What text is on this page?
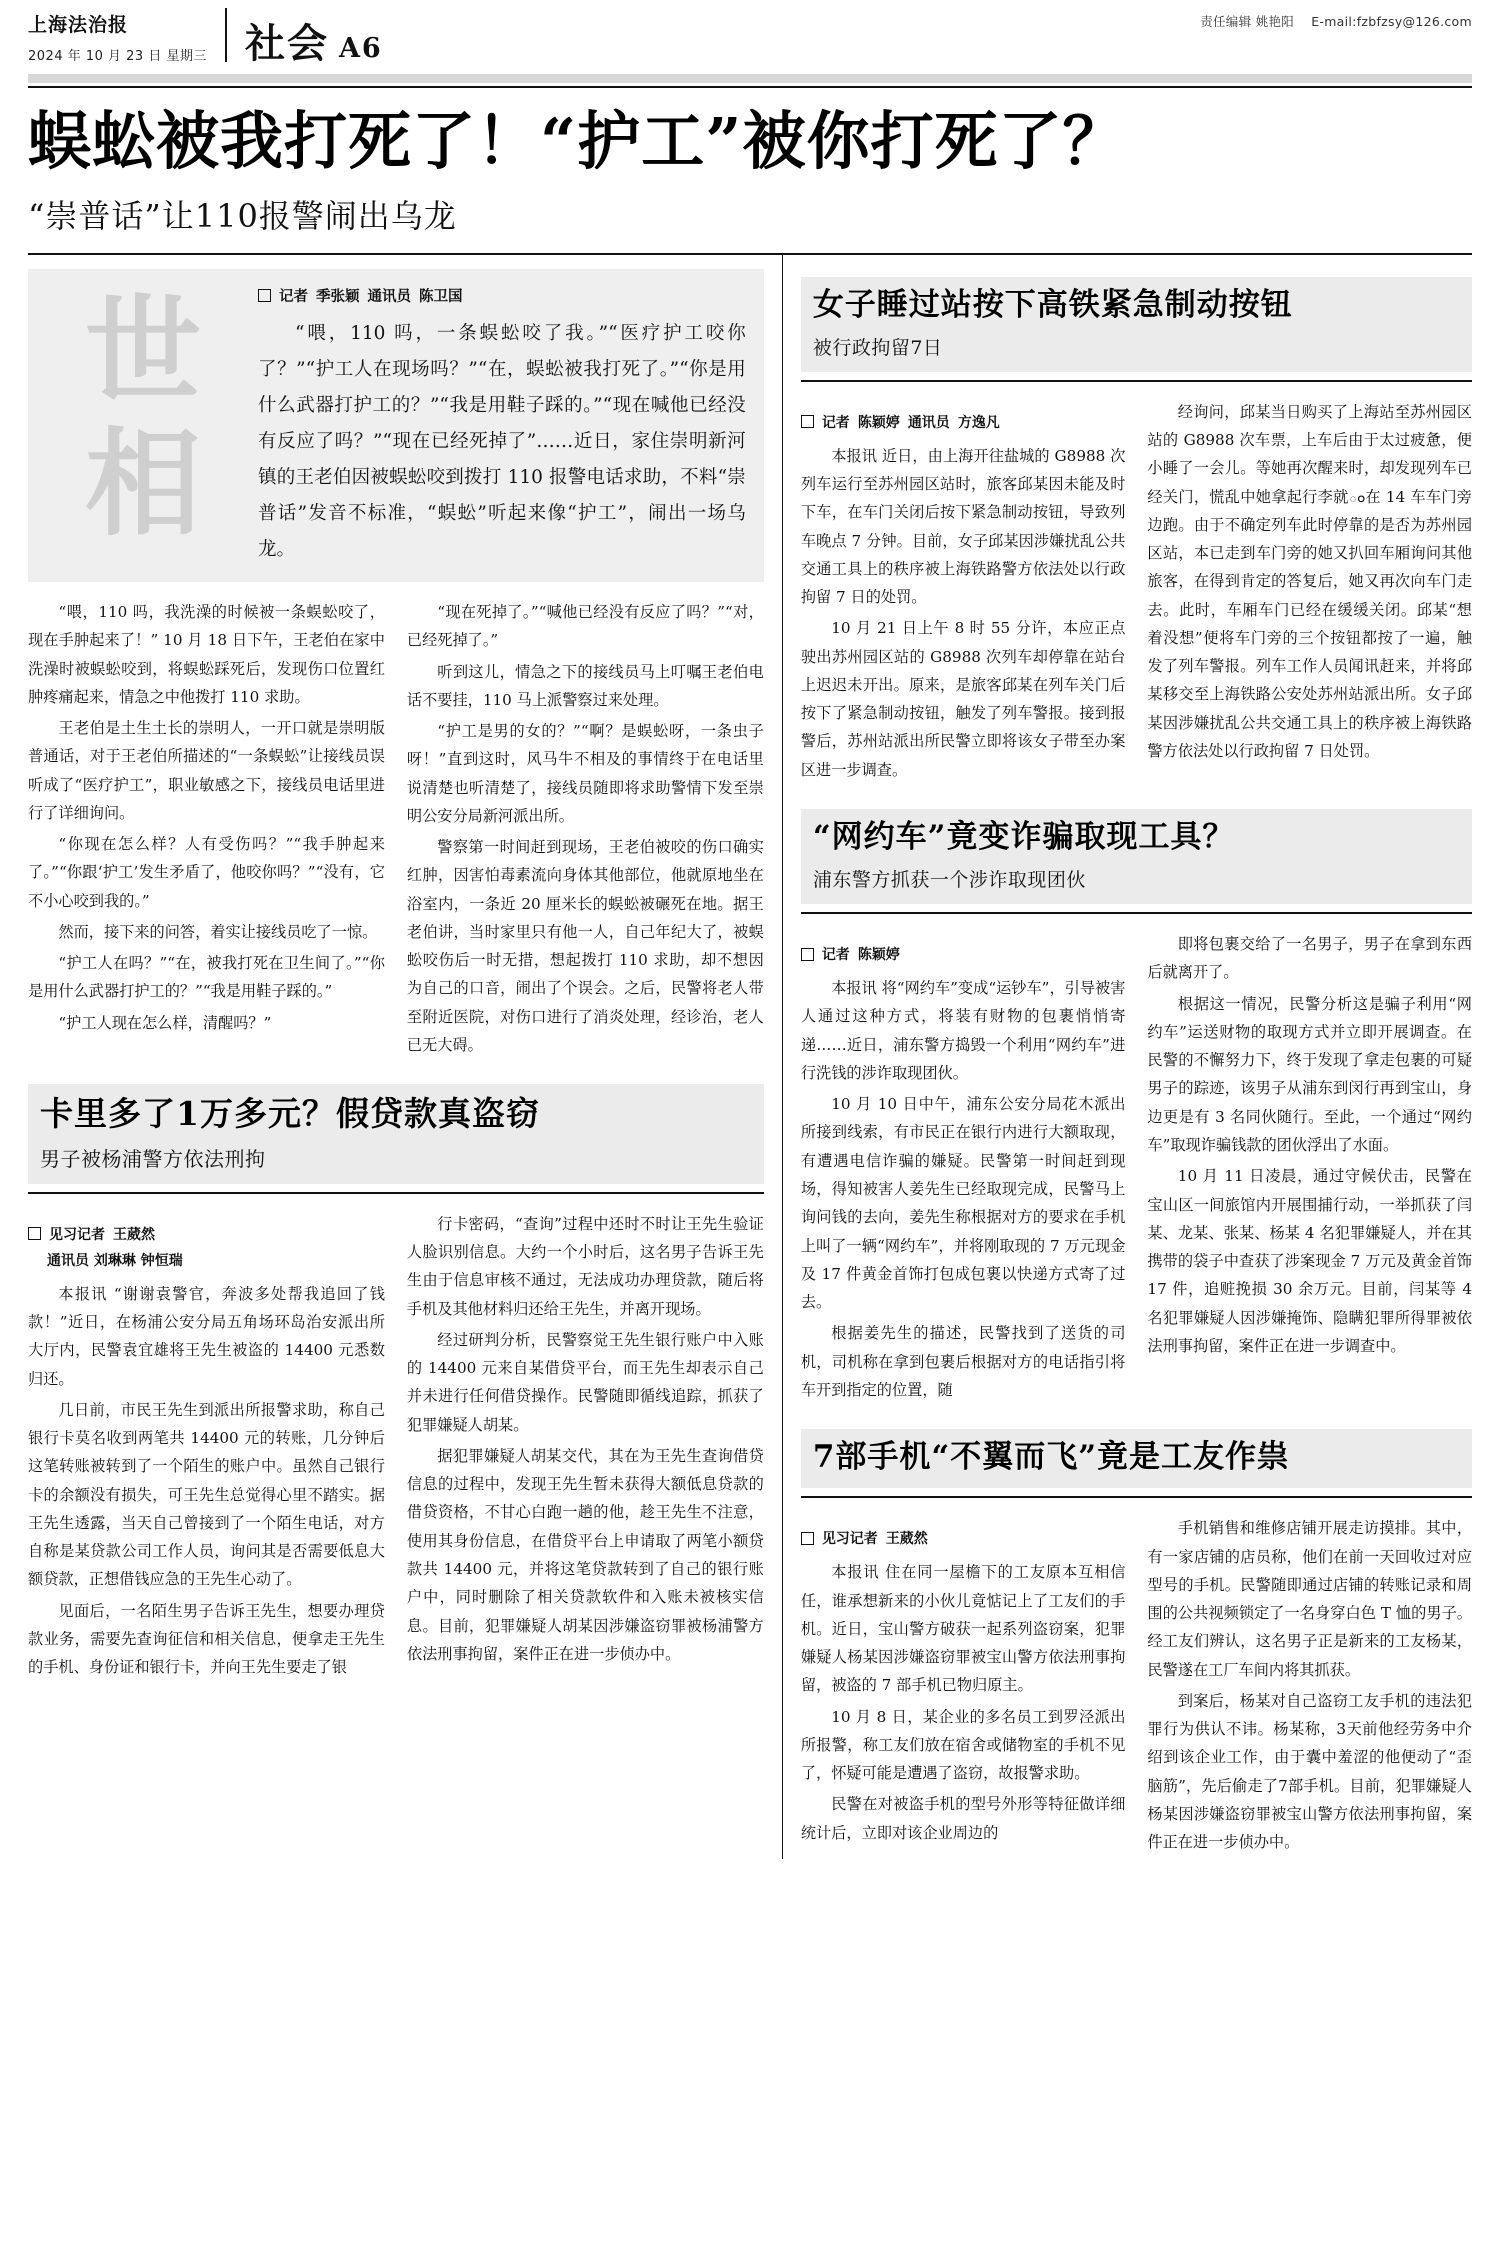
上海法治报
2024 年 10 月 23 日 星期三 社会 A6
责任编辑 姚艳阳 E-mail:fzbfzsy@126.com
蜈蚣被我打死了！“护工”被你打死了？
“崇普话”让110报警闹出乌龙
世
相
记者 季张颖 通讯员 陈卫国
“喂，110 吗，一条蜈蚣咬了我。”“医疗护工咬你了？”“护工人在现场吗？”“在，蜈蚣被我打死了。”“你是用什么武器打护工的？”“我是用鞋子踩的。”“现在喊他已经没有反应了吗？”“现在已经死掉了”……近日，家住崇明新河镇的王老伯因被蜈蚣咬到拨打 110 报警电话求助，不料“崇普话”发音不标准，“蜈蚣”听起来像“护工”，闹出一场乌龙。

“喂，110 吗，我洗澡的时候被一条蜈蚣咬了，现在手肿起来了！” 10 月 18 日下午，王老伯在家中洗澡时被蜈蚣咬到，将蜈蚣踩死后，发现伤口位置红肿疼痛起来，情急之中他拨打 110 求助。

王老伯是土生土长的崇明人，一开口就是崇明版普通话，对于王老伯所描述的“一条蜈蚣”让接线员误听成了“医疗护工”，职业敏感之下，接线员电话里进行了详细询问。

“你现在怎么样？人有受伤吗？”“我手肿起来了。”“你跟‘护工’发生矛盾了，他咬你吗？”“没有，它不小心咬到我的。”

然而，接下来的问答，着实让接线员吃了一惊。

“护工人在吗？”“在，被我打死在卫生间了。”“你是用什么武器打护工的？”“我是用鞋子踩的。”

“护工人现在怎么样，清醒吗？”

“现在死掉了。”“喊他已经没有反应了吗？”“对，已经死掉了。”

听到这儿，情急之下的接线员马上叮嘱王老伯电话不要挂，110 马上派警察过来处理。

“护工是男的女的？”“啊？是蜈蚣呀，一条虫子呀！”直到这时，风马牛不相及的事情终于在电话里说清楚也听清楚了，接线员随即将求助警情下发至崇明公安分局新河派出所。

警察第一时间赶到现场，王老伯被咬的伤口确实红肿，因害怕毒素流向身体其他部位，他就原地坐在浴室内，一条近 20 厘米长的蜈蚣被碾死在地。据王老伯讲，当时家里只有他一人，自己年纪大了，被蜈蚣咬伤后一时无措，想起拨打 110 求助，却不想因为自己的口音，闹出了个误会。之后，民警将老人带至附近医院，对伤口进行了消炎处理，经诊治，老人已无大碍。

卡里多了1万多元？假贷款真盗窃
男子被杨浦警方依法刑拘
见习记者 王葳然
通讯员 刘琳琳 钟恒瑞

本报讯 “谢谢袁警官，奔波多处帮我追回了钱款！”近日，在杨浦公安分局五角场环岛治安派出所大厅内，民警袁宜雄将王先生被盗的 14400 元悉数归还。

几日前，市民王先生到派出所报警求助，称自己银行卡莫名收到两笔共 14400 元的转账，几分钟后这笔转账被转到了一个陌生的账户中。虽然自己银行卡的余额没有损失，可王先生总觉得心里不踏实。据王先生透露，当天自己曾接到了一个陌生电话，对方自称是某贷款公司工作人员，询问其是否需要低息大额贷款，正想借钱应急的王先生心动了。

见面后，一名陌生男子告诉王先生，想要办理贷款业务，需要先查询征信和相关信息，便拿走王先生的手机、身份证和银行卡，并向王先生要走了银

行卡密码，“查询”过程中还时不时让王先生验证人脸识别信息。大约一个小时后，这名男子告诉王先生由于信息审核不通过，无法成功办理贷款，随后将手机及其他材料归还给王先生，并离开现场。

经过研判分析，民警察觉王先生银行账户中入账的 14400 元来自某借贷平台，而王先生却表示自己并未进行任何借贷操作。民警随即循线追踪，抓获了犯罪嫌疑人胡某。

据犯罪嫌疑人胡某交代，其在为王先生查询借贷信息的过程中，发现王先生暂未获得大额低息贷款的借贷资格，不甘心白跑一趟的他，趁王先生不注意，使用其身份信息，在借贷平台上申请取了两笔小额贷款共 14400 元，并将这笔贷款转到了自己的银行账户中，同时删除了相关贷款软件和入账未被核实信息。目前，犯罪嫌疑人胡某因涉嫌盗窃罪被杨浦警方依法刑事拘留，案件正在进一步侦办中。

女子睡过站按下高铁紧急制动按钮
被行政拘留7日
记者 陈颖婷 通讯员 方逸凡

本报讯 近日，由上海开往盐城的 G8988 次列车运行至苏州园区站时，旅客邱某因未能及时下车，在车门关闭后按下紧急制动按钮，导致列车晚点 7 分钟。目前，女子邱某因涉嫌扰乱公共交通工具上的秩序被上海铁路警方依法处以行政拘留 7 日的处罚。

10 月 21 日上午 8 时 55 分许，本应正点驶出苏州园区站的 G8988 次列车却停靠在站台上迟迟未开出。原来，是旅客邱某在列车关门后按下了紧急制动按钮，触发了列车警报。接到报警后，苏州站派出所民警立即将该女子带至办案区进一步调查。

经询问，邱某当日购买了上海站至苏州园区站的 G8988 次车票，上车后由于太过疲惫，便小睡了一会儿。等她再次醒来时，却发现列车已经关门，慌乱中她拿起行李就ం在 14 车车门旁边跑。由于不确定列车此时停靠的是否为苏州园区站，本已走到车门旁的她又扒回车厢询问其他旅客，在得到肯定的答复后，她又再次向车门走去。此时，车厢车门已经在缓缓关闭。邱某“想着没想”便将车门旁的三个按钮都按了一遍，触发了列车警报。列车工作人员闻讯赶来，并将邱某移交至上海铁路公安处苏州站派出所。女子邱某因涉嫌扰乱公共交通工具上的秩序被上海铁路警方依法处以行政拘留 7 日处罚。

“网约车”竟变诈骗取现工具？
浦东警方抓获一个涉诈取现团伙
记者 陈颖婷

本报讯 将“网约车”变成“运钞车”，引导被害人通过这种方式，将装有财物的包裹悄悄寄递……近日，浦东警方捣毁一个利用“网约车”进行洗钱的涉诈取现团伙。

10 月 10 日中午，浦东公安分局花木派出所接到线索，有市民正在银行内进行大额取现，有遭遇电信诈骗的嫌疑。民警第一时间赶到现场，得知被害人姜先生已经取现完成，民警马上询问钱的去向，姜先生称根据对方的要求在手机上叫了一辆“网约车”，并将刚取现的 7 万元现金及 17 件黄金首饰打包成包裹以快递方式寄了过去。

根据姜先生的描述，民警找到了送货的司机，司机称在拿到包裹后根据对方的电话指引将车开到指定的位置，随

即将包裹交给了一名男子，男子在拿到东西后就离开了。

根据这一情况，民警分析这是骗子利用“网约车”运送财物的取现方式并立即开展调查。在民警的不懈努力下，终于发现了拿走包裹的可疑男子的踪迹，该男子从浦东到闵行再到宝山，身边更是有 3 名同伙随行。至此，一个通过“网约车”取现诈骗钱款的团伙浮出了水面。

10 月 11 日凌晨，通过守候伏击，民警在宝山区一间旅馆内开展围捕行动，一举抓获了闫某、龙某、张某、杨某 4 名犯罪嫌疑人，并在其携带的袋子中查获了涉案现金 7 万元及黄金首饰 17 件，追赃挽损 30 余万元。目前，闫某等 4 名犯罪嫌疑人因涉嫌掩饰、隐瞒犯罪所得罪被依法刑事拘留，案件正在进一步调查中。

7部手机“不翼而飞”竟是工友作祟
见习记者 王葳然

本报讯 住在同一屋檐下的工友原本互相信任，谁承想新来的小伙儿竟惦记上了工友们的手机。近日，宝山警方破获一起系列盗窃案，犯罪嫌疑人杨某因涉嫌盗窃罪被宝山警方依法刑事拘留，被盗的 7 部手机已物归原主。

10 月 8 日，某企业的多名员工到罗泾派出所报警，称工友们放在宿舍或储物室的手机不见了，怀疑可能是遭遇了盗窃，故报警求助。

民警在对被盗手机的型号外形等特征做详细统计后，立即对该企业周边的

手机销售和维修店铺开展走访摸排。其中，有一家店铺的店员称，他们在前一天回收过对应型号的手机。民警随即通过店铺的转账记录和周围的公共视频锁定了一名身穿白色 T 恤的男子。经工友们辨认，这名男子正是新来的工友杨某，民警遂在工厂车间内将其抓获。

到案后，杨某对自己盗窃工友手机的违法犯罪行为供认不讳。杨某称，3天前他经劳务中介绍到该企业工作，由于囊中羞涩的他便动了“歪脑筋”，先后偷走了7部手机。目前，犯罪嫌疑人杨某因涉嫌盗窃罪被宝山警方依法刑事拘留，案件正在进一步侦办中。
